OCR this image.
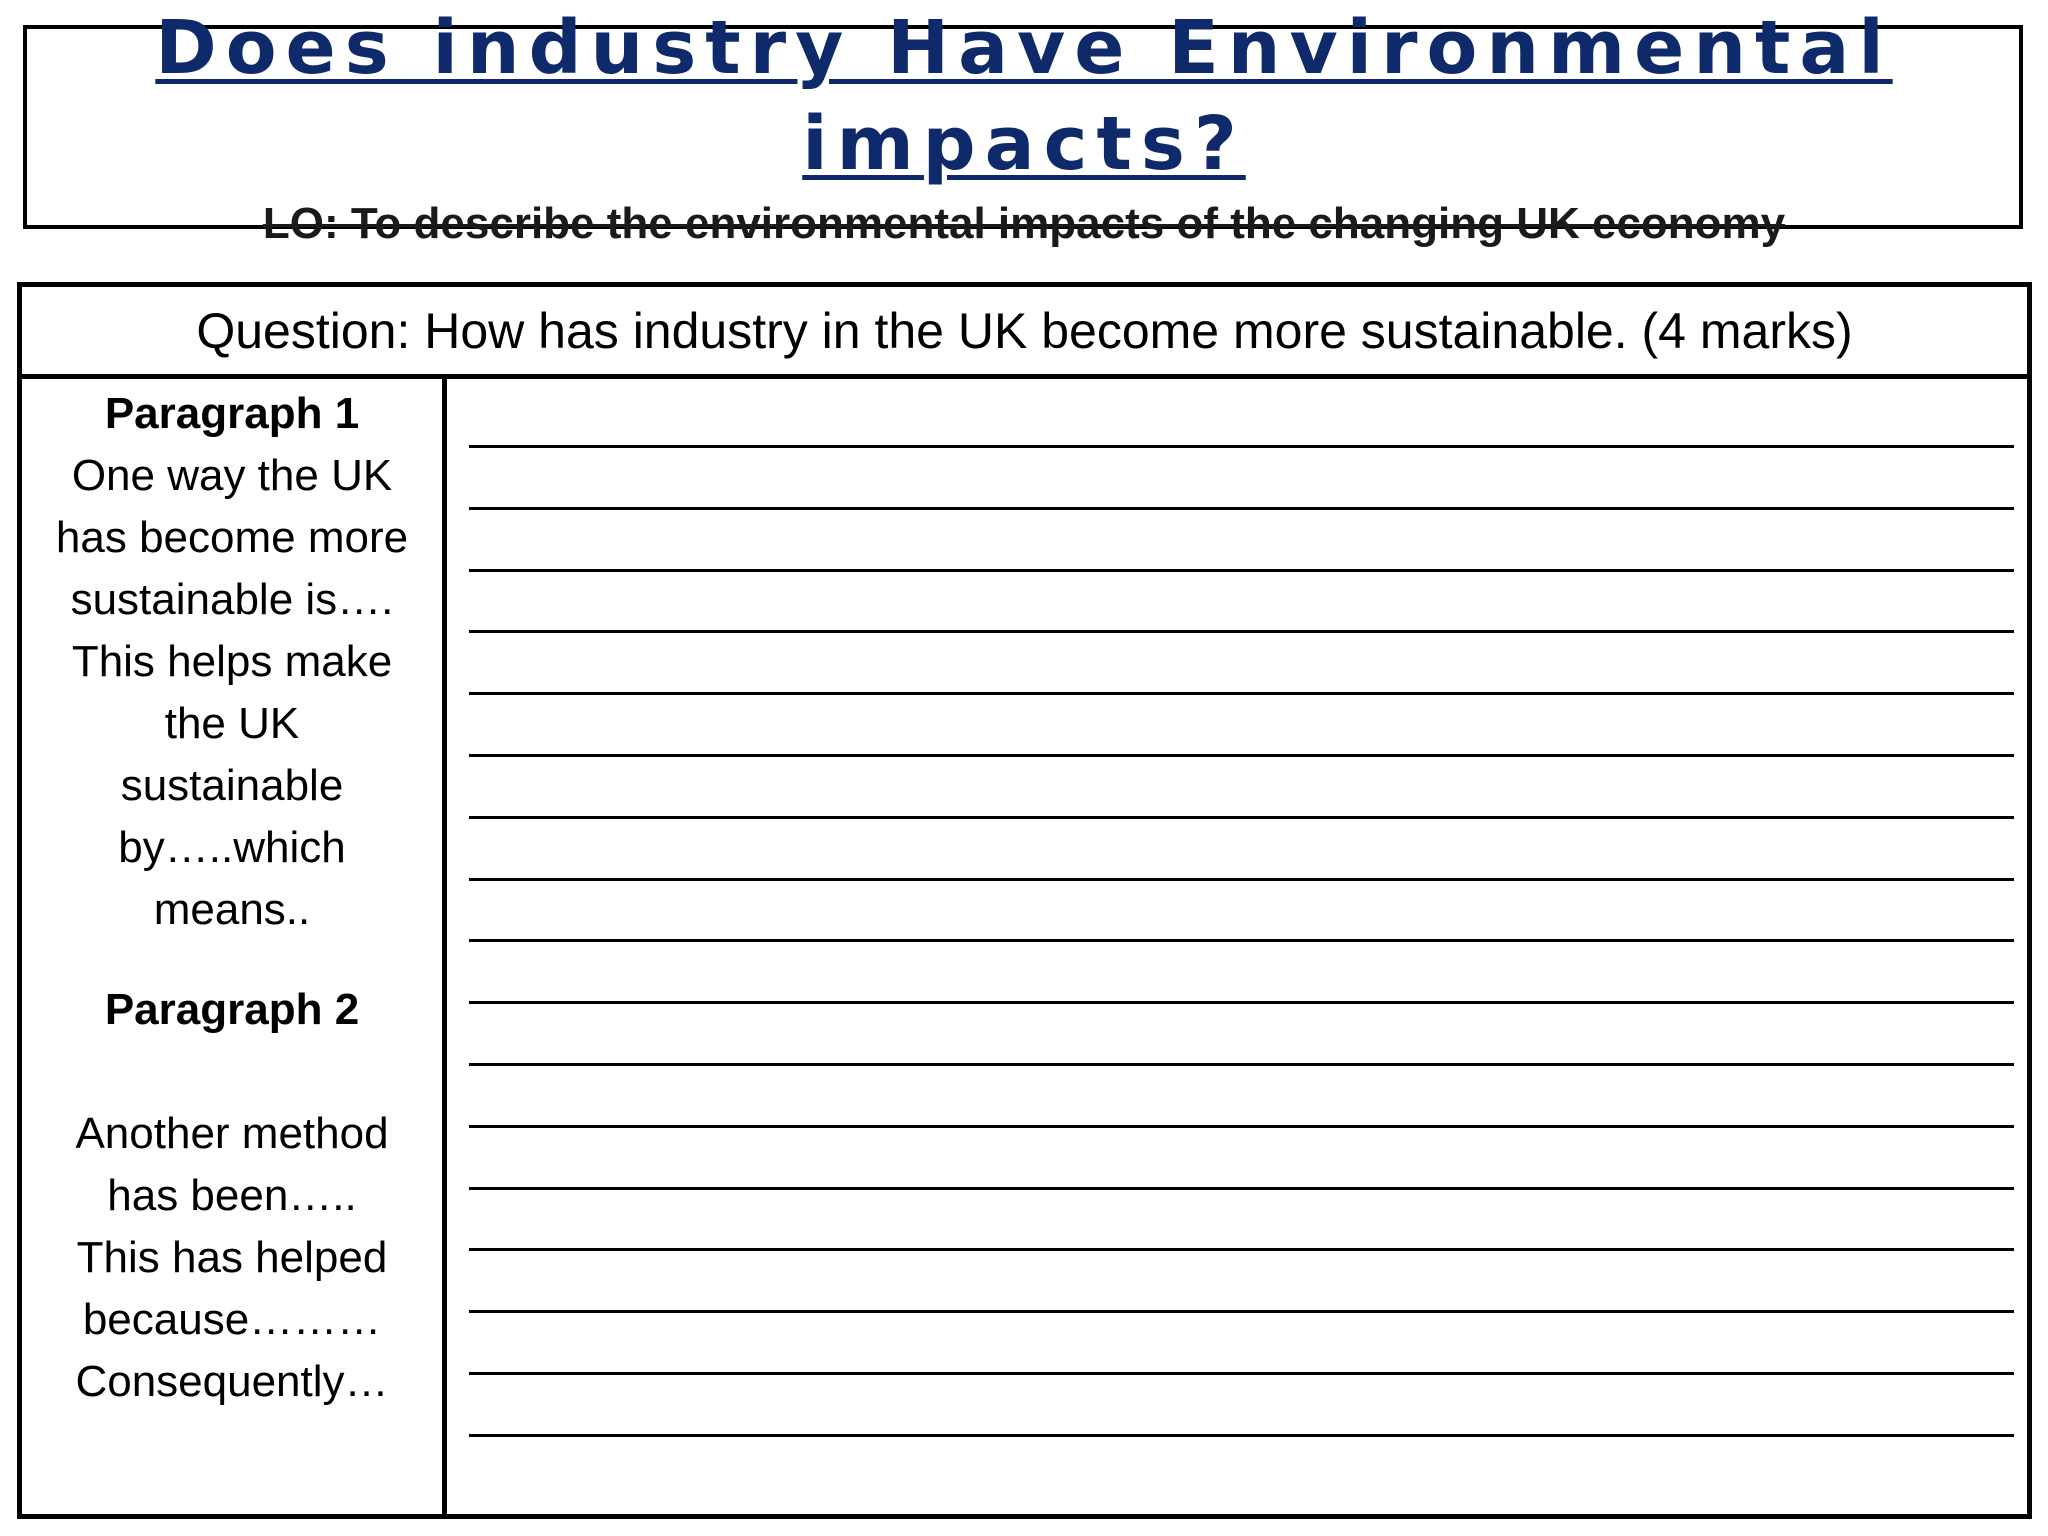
Does industry Have Environmental
impacts?
LO: To describe the environmental impacts of the changing UK economy
Question: How has industry in the UK become more sustainable. (4 marks)
Paragraph 1
One way the UK
has become more
sustainable is….
This helps make
the UK
sustainable
by…..which
means..
Paragraph 2
Another method
has been…..
This has helped
because………
Consequently…
